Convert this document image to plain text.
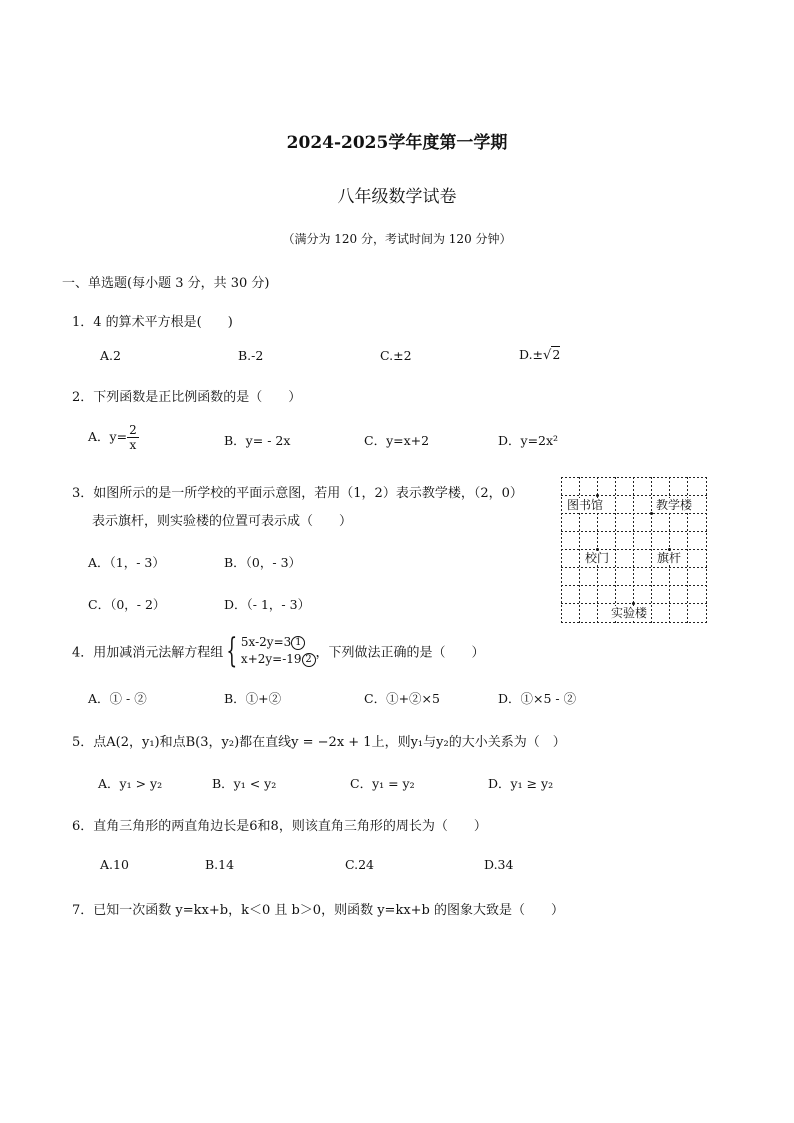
2024-2025学年度第一学期
八年级数学试卷
（满分为 120 分，考试时间为 120 分钟）
一、单选题(每小题 3 分，共 30 分)
1．4 的算术平方根是(　　)
A.2	B.-2	C.±2	D.±√2
2．下列函数是正比例函数的是（　　）
A．$y= \frac{2}{x}$	B．y= - 2x	C．y=x+2	D．y=2x²
3．如图所示的是一所学校的平面示意图，若用（1，2）表示教学楼，（2，0）
表示旗杆，则实验楼的位置可表示成（　　）
A．（1，- 3）	B．（0，- 3）
C．（0，- 2）	D．（- 1，- 3）
图书馆	教学楼
校门	旗杆
实验楼
4．用加减消元法解方程组 { 5x-2y=3 1
x+2y=-19 2 ，下列做法正确的是（　　）
A．① - ②	B．①+②	C．①+②×5	D．①×5 - ②
5．点A(2，y₁)和点B(3，y₂)都在直线y = −2x + 1上，则y₁与y₂的大小关系为（　）
A．y₁ > y₂	B．y₁ < y₂	C．y₁ = y₂	D．y₁ ≥ y₂
6．直角三角形的两直角边长是6和8，则该直角三角形的周长为（　　）
A.10	B.14	C.24	D.34
7．已知一次函数 y=kx+b，k＜0 且 b＞0，则函数 y=kx+b 的图象大致是（　　）
